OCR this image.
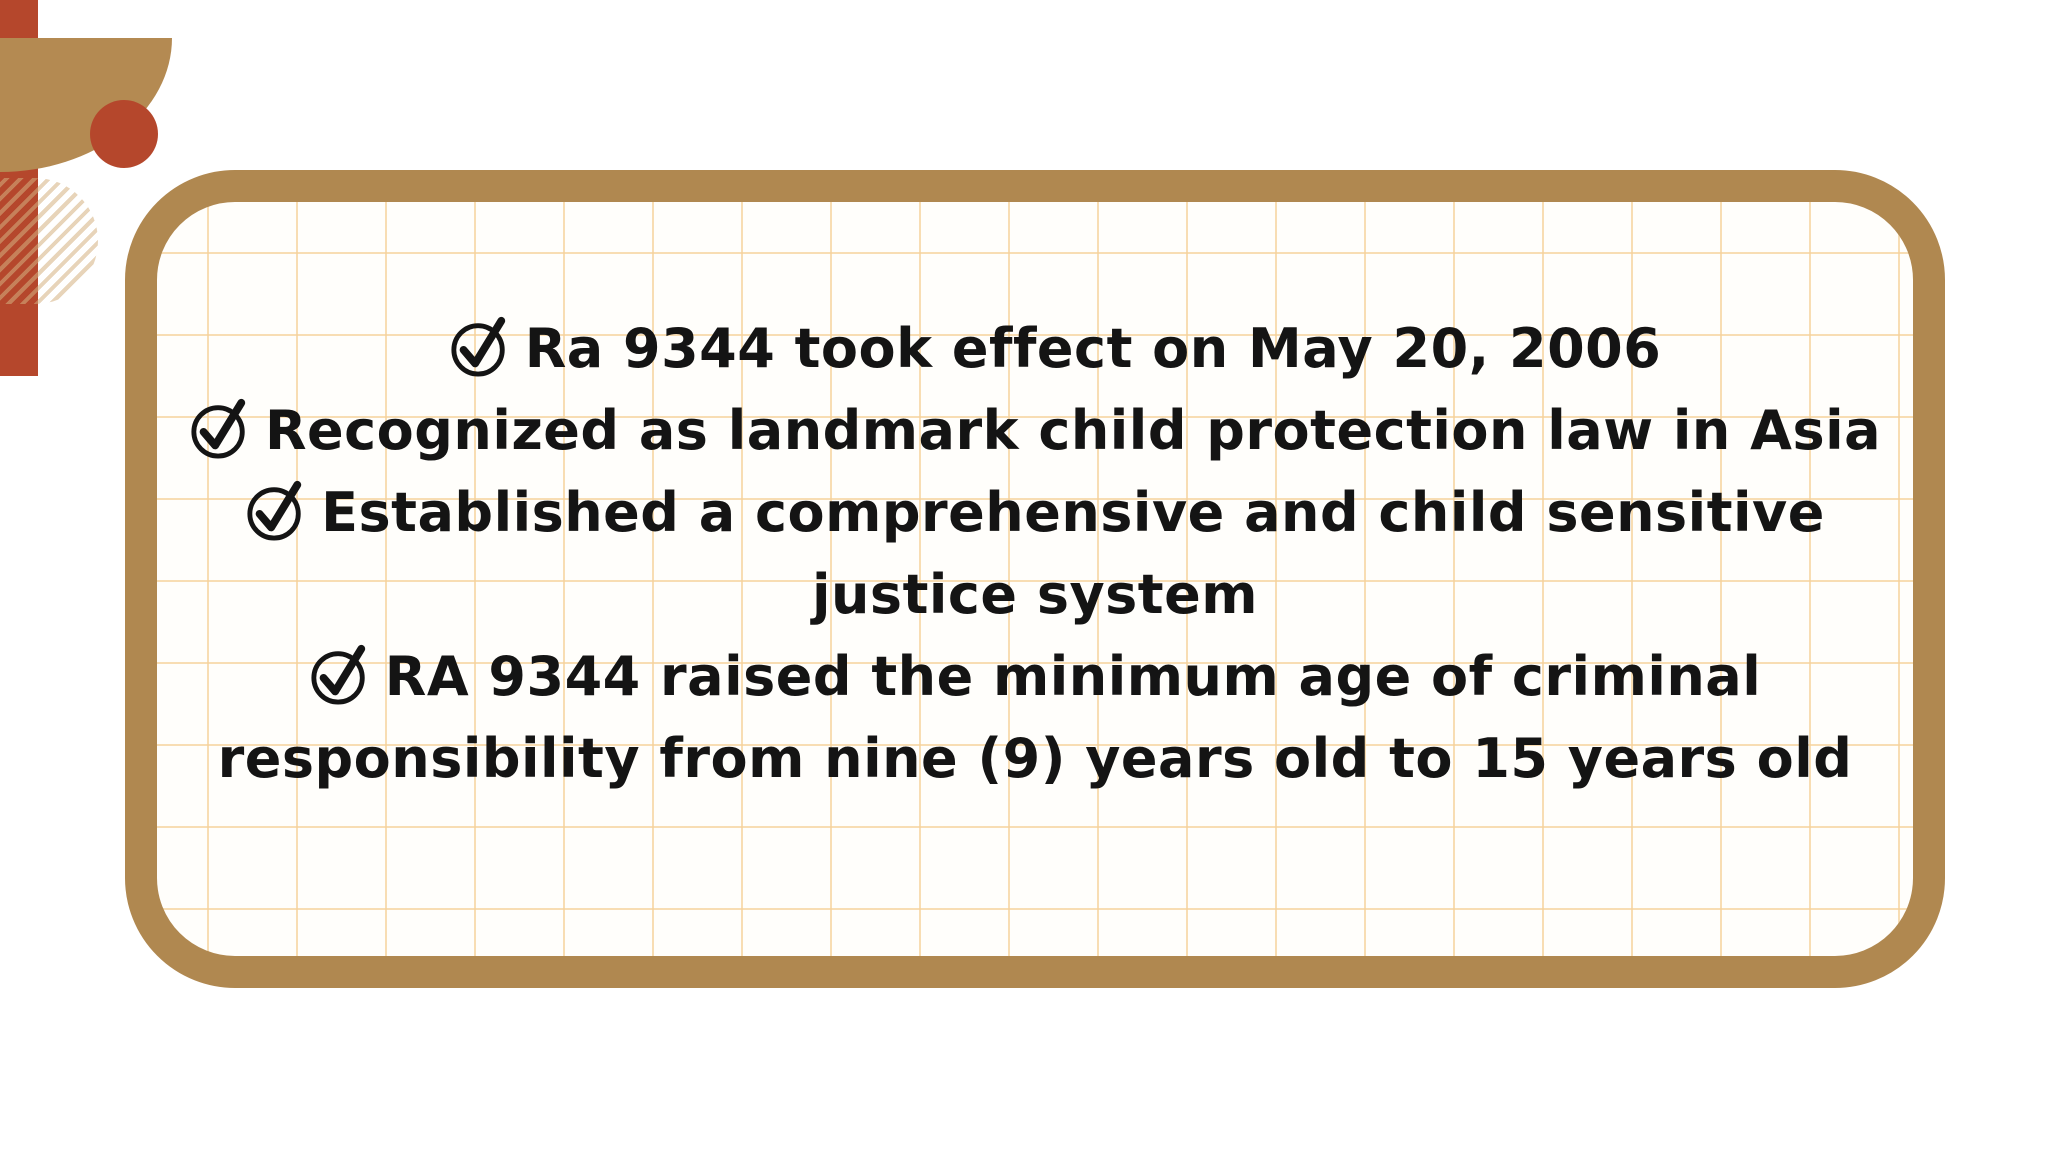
Ra 9344 took effect on May 20, 2006
Recognized as landmark child protection law in Asia
Established a comprehensive and child sensitive
justice system
RA 9344 raised the minimum age of criminal
responsibility from nine (9) years old to 15 years old
